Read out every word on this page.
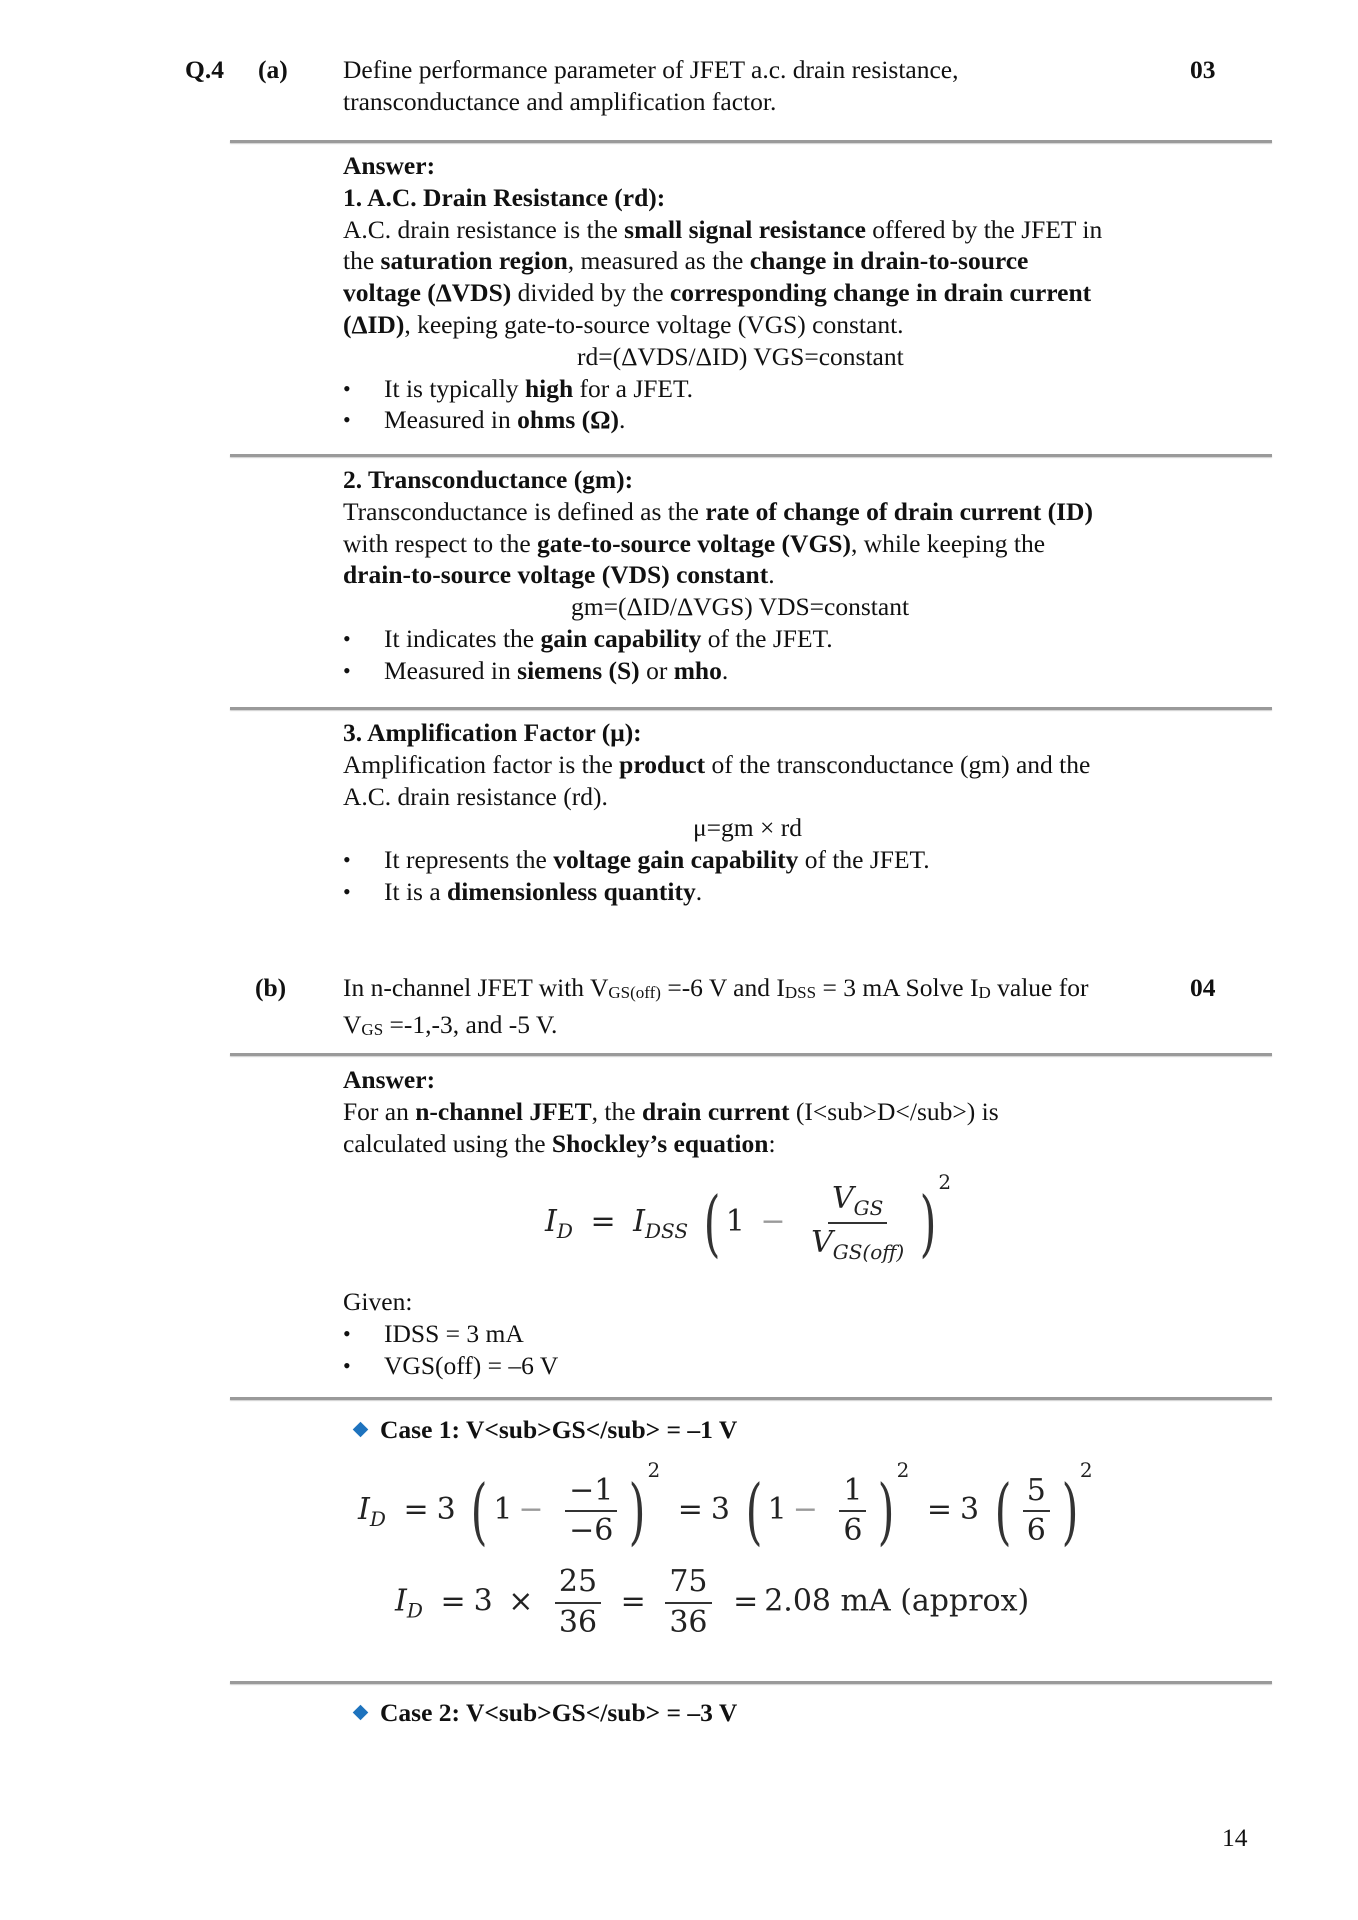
Q.4 (a) Define performance parameter of JFET a.c. drain resistance,
transconductance and amplification factor.
03
Answer:
1. A.C. Drain Resistance (rd):
A.C. drain resistance is the small signal resistance offered by the JFET in
the saturation region, measured as the change in drain-to-source
voltage (ΔVDS) divided by the corresponding change in drain current
(ΔID), keeping gate-to-source voltage (VGS) constant.
rd=(ΔVDS/ΔID) VGS=constant
• It is typically high for a JFET.
• Measured in ohms (Ω).
2. Transconductance (gm):
Transconductance is defined as the rate of change of drain current (ID)
with respect to the gate-to-source voltage (VGS), while keeping the
drain-to-source voltage (VDS) constant.
gm=(ΔID/ΔVGS) VDS=constant
• It indicates the gain capability of the JFET.
• Measured in siemens (S) or mho.
3. Amplification Factor (μ):
Amplification factor is the product of the transconductance (gm) and the
A.C. drain resistance (rd).
μ=gm × rd
• It represents the voltage gain capability of the JFET.
• It is a dimensionless quantity.
(b) In n-channel JFET with $V_{GS(off)} =-6$ V and $I_{DSS} = 3$ mA Solve $I_D$ value for
$V_{GS} =-1,-3$, and -5 V.
04
Answer:
For an n-channel JFET, the drain current (I<sub>D</sub>) is
calculated using the Shockley’s equation:
$I_D = I_{DSS}$ ( $1 - \frac{V_{GS}}{V_{GS(off)}} )^2$
Given:
• IDSS = 3 mA
• VGS(off) = –6 V
Case 1: V<sub>GS</sub> = –1 V
$I_D = 3$ ( $1 - \frac{-1}{-6} )^2 = 3$ ( $1 - \frac{1}{6} )^2 = 3$ ( $\frac{5}{6} )^2$
$I_D = 3 \times \frac{25}{36} = \frac{75}{36} = 2.08$ mA (approx)
Case 2: V<sub>GS</sub> = –3 V
14
